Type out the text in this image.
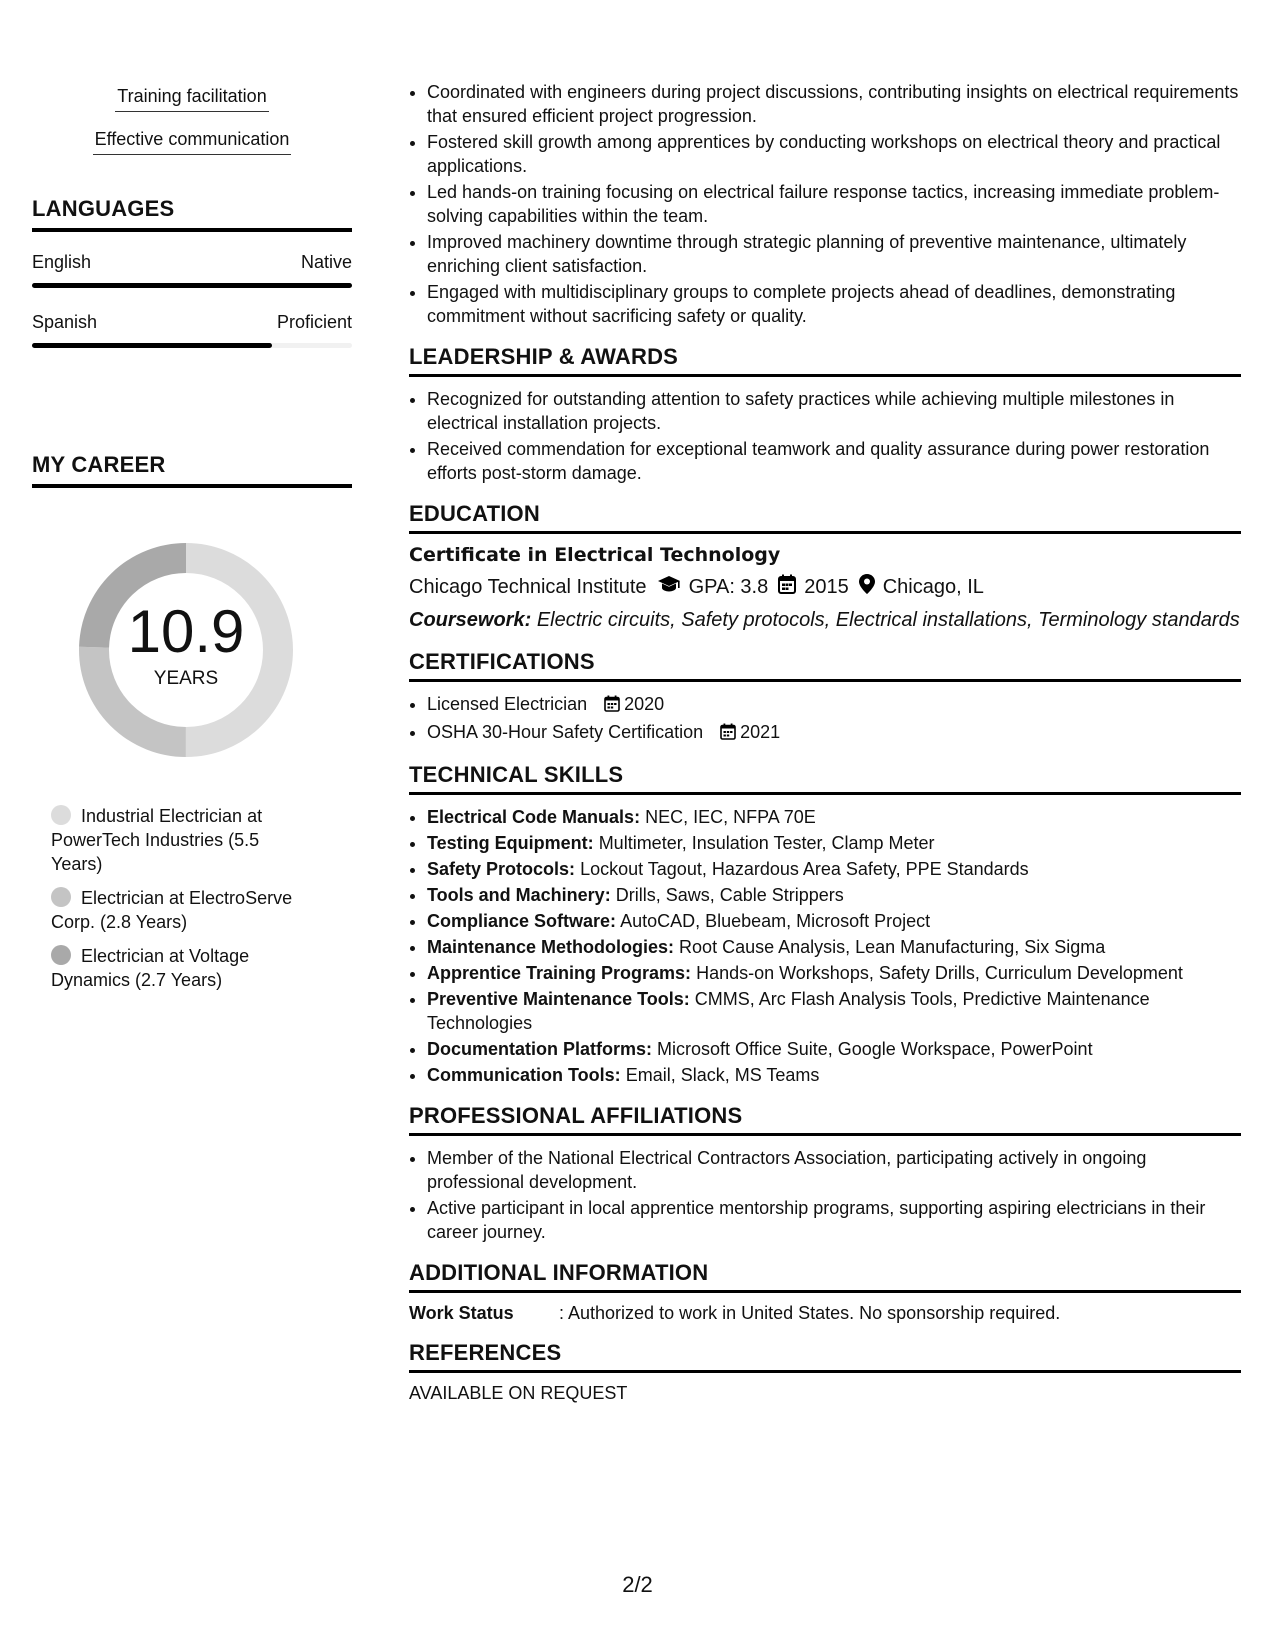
Training facilitation
Effective communication
LANGUAGES
English	Native
Spanish	Proficient
MY CAREER
10.9
YEARS
Industrial Electrician at PowerTech Industries (5.5 Years)
Electrician at ElectroServe Corp. (2.8 Years)
Electrician at Voltage Dynamics (2.7 Years)
• Coordinated with engineers during project discussions, contributing insights on electrical requirements that ensured efficient project progression.
• Fostered skill growth among apprentices by conducting workshops on electrical theory and practical applications.
• Led hands-on training focusing on electrical failure response tactics, increasing immediate problem-solving capabilities within the team.
• Improved machinery downtime through strategic planning of preventive maintenance, ultimately enriching client satisfaction.
• Engaged with multidisciplinary groups to complete projects ahead of deadlines, demonstrating commitment without sacrificing safety or quality.
LEADERSHIP & AWARDS
• Recognized for outstanding attention to safety practices while achieving multiple milestones in electrical installation projects.
• Received commendation for exceptional teamwork and quality assurance during power restoration efforts post-storm damage.
EDUCATION
Certificate in Electrical Technology
Chicago Technical Institute GPA: 3.8 2015 Chicago, IL
Coursework: Electric circuits, Safety protocols, Electrical installations, Terminology standards
CERTIFICATIONS
• Licensed Electrician 2020
• OSHA 30-Hour Safety Certification 2021
TECHNICAL SKILLS
• Electrical Code Manuals: NEC, IEC, NFPA 70E
• Testing Equipment: Multimeter, Insulation Tester, Clamp Meter
• Safety Protocols: Lockout Tagout, Hazardous Area Safety, PPE Standards
• Tools and Machinery: Drills, Saws, Cable Strippers
• Compliance Software: AutoCAD, Bluebeam, Microsoft Project
• Maintenance Methodologies: Root Cause Analysis, Lean Manufacturing, Six Sigma
• Apprentice Training Programs: Hands-on Workshops, Safety Drills, Curriculum Development
• Preventive Maintenance Tools: CMMS, Arc Flash Analysis Tools, Predictive Maintenance Technologies
• Documentation Platforms: Microsoft Office Suite, Google Workspace, PowerPoint
• Communication Tools: Email, Slack, MS Teams
PROFESSIONAL AFFILIATIONS
• Member of the National Electrical Contractors Association, participating actively in ongoing professional development.
• Active participant in local apprentice mentorship programs, supporting aspiring electricians in their career journey.
ADDITIONAL INFORMATION
Work Status	: Authorized to work in United States. No sponsorship required.
REFERENCES
AVAILABLE ON REQUEST
2/2
